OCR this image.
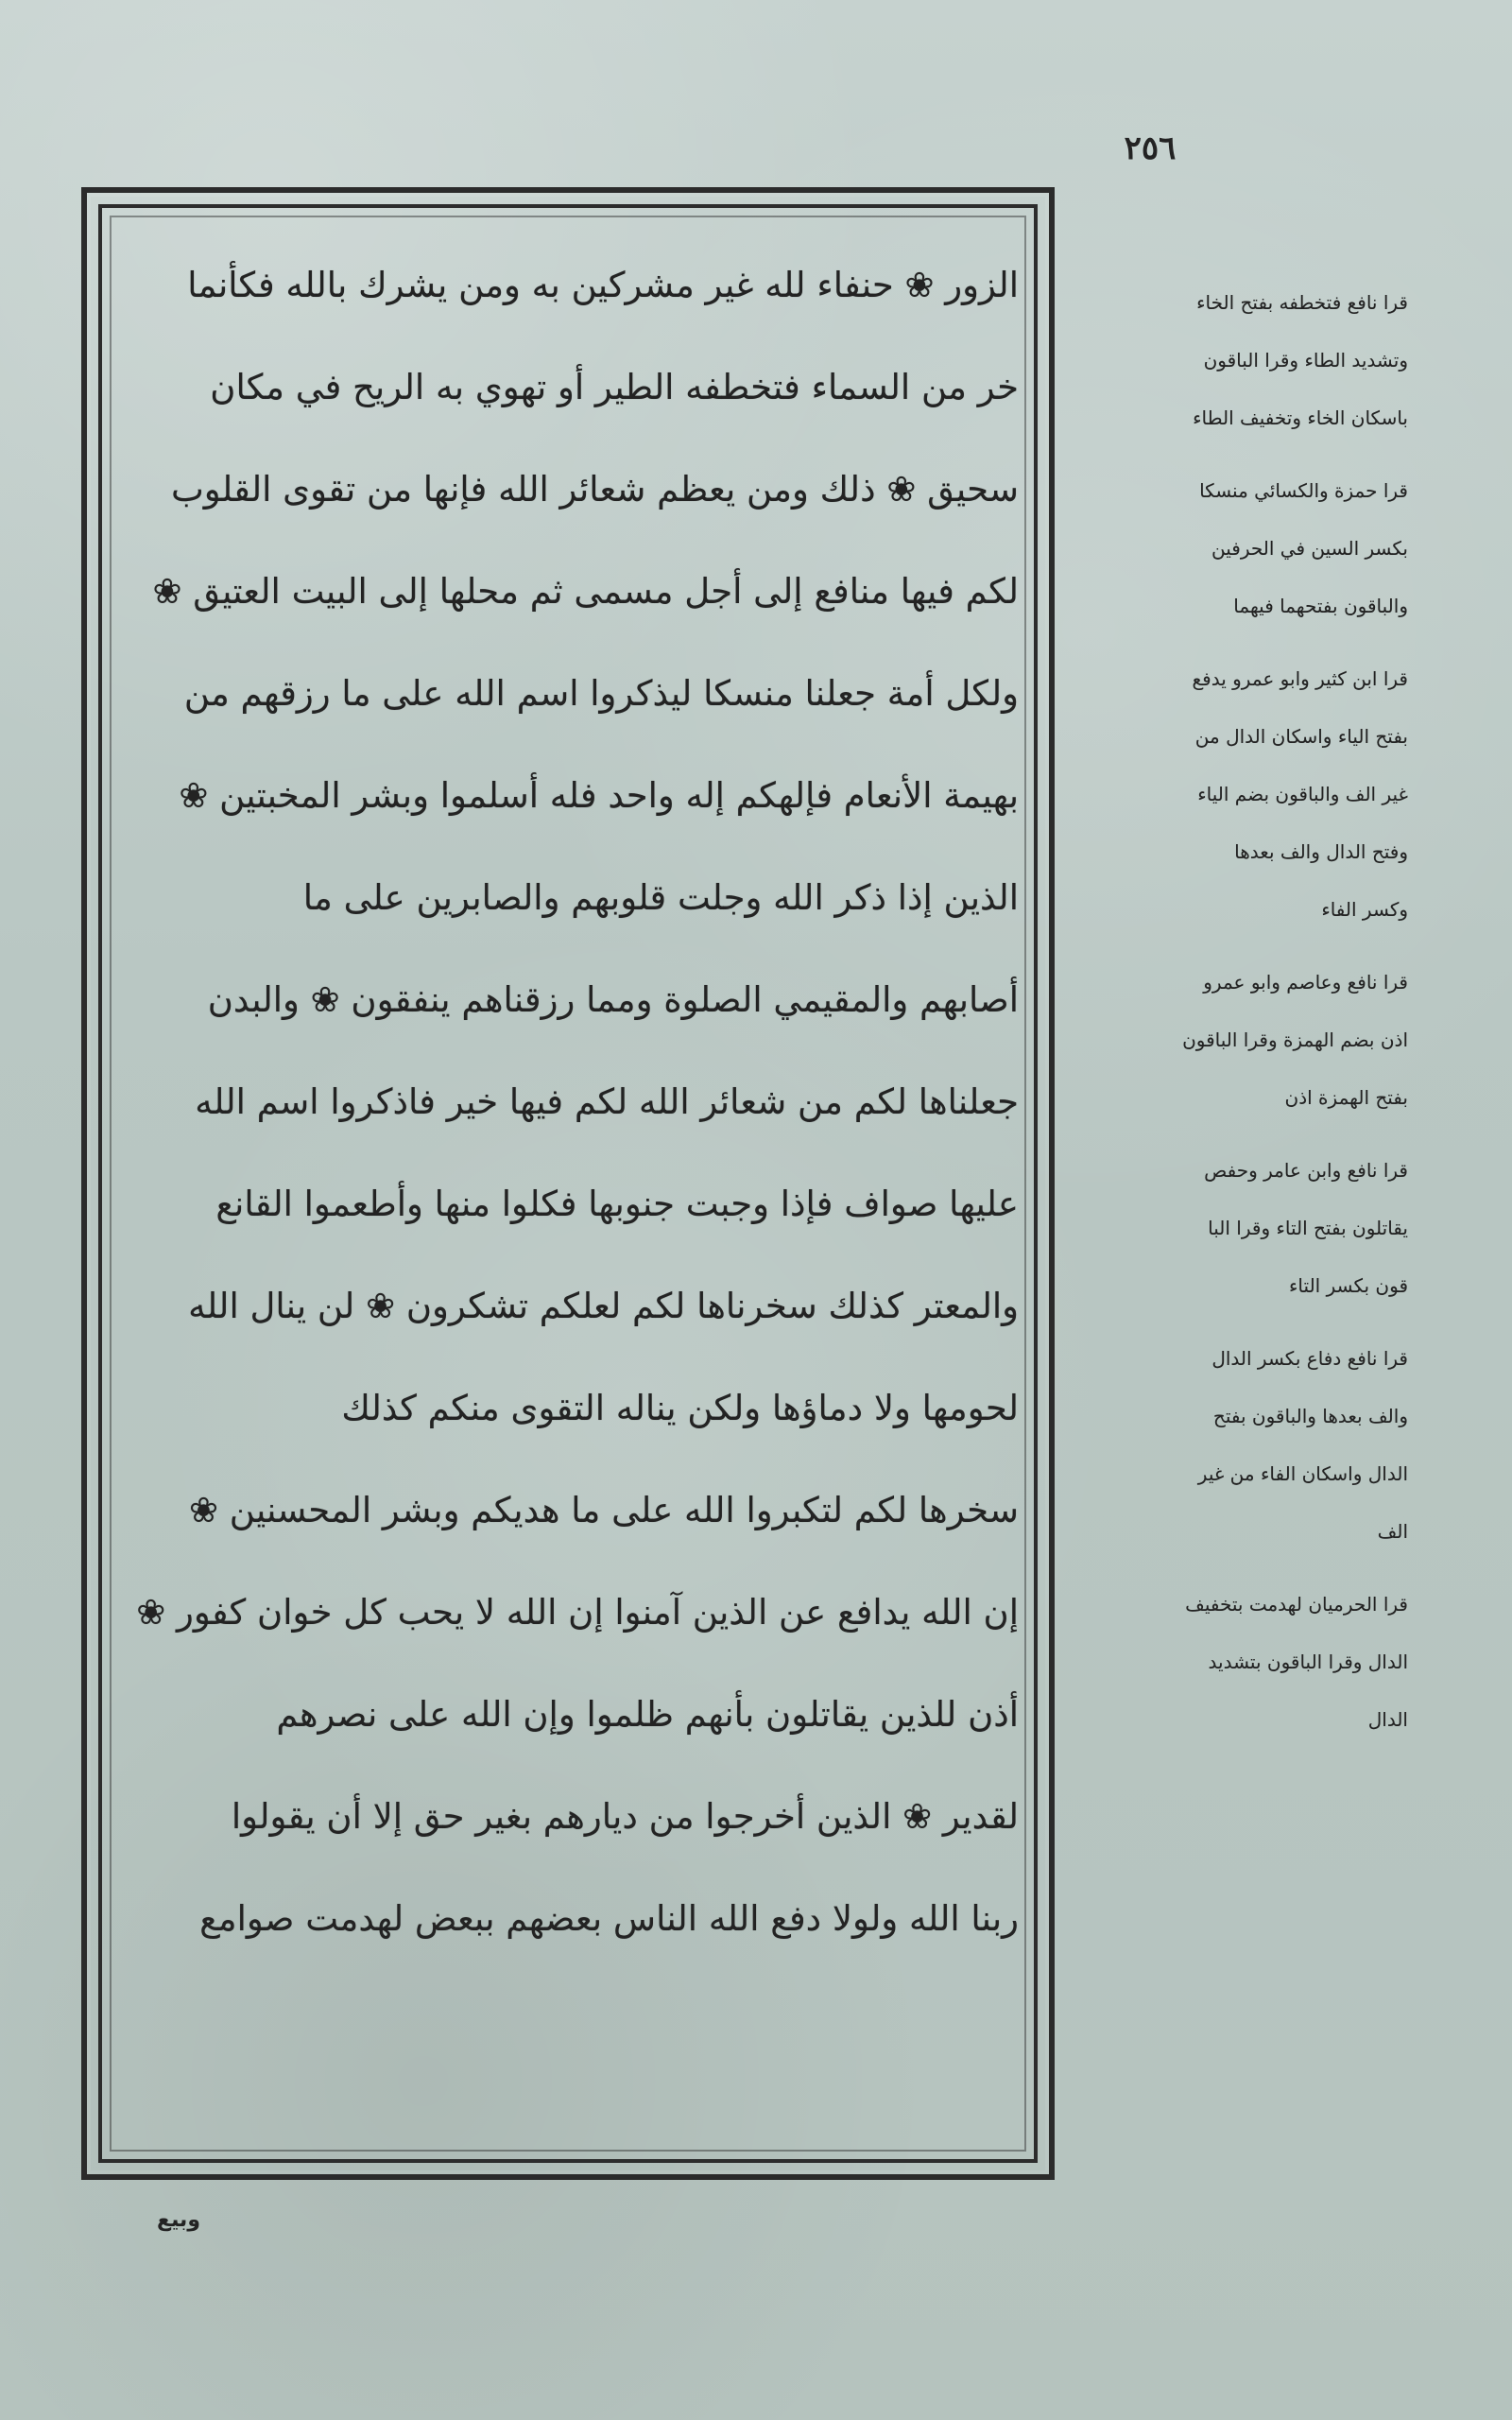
٢٥٦

الزور ❀ حنفاء لله غير مشركين به ومن يشرك بالله فكأنما

خر من السماء فتخطفه الطير أو تهوي به الريح في مكان

سحيق ❀ ذلك ومن يعظم شعائر الله فإنها من تقوى القلوب

لكم فيها منافع إلى أجل مسمى ثم محلها إلى البيت العتيق ❀

ولكل أمة جعلنا منسكا ليذكروا اسم الله على ما رزقهم من

بهيمة الأنعام فإلهكم إله واحد فله أسلموا وبشر المخبتين ❀

الذين إذا ذكر الله وجلت قلوبهم والصابرين على ما

أصابهم والمقيمي الصلوة ومما رزقناهم ينفقون ❀ والبدن

جعلناها لكم من شعائر الله لكم فيها خير فاذكروا اسم الله

عليها صواف فإذا وجبت جنوبها فكلوا منها وأطعموا القانع

والمعتر كذلك سخرناها لكم لعلكم تشكرون ❀ لن ينال الله

لحومها ولا دماؤها ولكن يناله التقوى منكم كذلك

سخرها لكم لتكبروا الله على ما هديكم وبشر المحسنين ❀

إن الله يدافع عن الذين آمنوا إن الله لا يحب كل خوان كفور ❀

أذن للذين يقاتلون بأنهم ظلموا وإن الله على نصرهم

لقدير ❀ الذين أخرجوا من ديارهم بغير حق إلا أن يقولوا

ربنا الله ولولا دفع الله الناس بعضهم ببعض لهدمت صوامع

قرا نافع فتخطفه بفتح الخاء

وتشديد الطاء وقرا الباقون

باسكان الخاء وتخفيف الطاء

قرا حمزة والكسائي منسكا

بكسر السين في الحرفين

والباقون بفتحهما فيهما

قرا ابن كثير وابو عمرو يدفع

بفتح الياء واسكان الدال من

غير الف والباقون بضم الياء

وفتح الدال والف بعدها

وكسر الفاء

قرا نافع وعاصم وابو عمرو

اذن بضم الهمزة وقرا الباقون

بفتح الهمزة اذن

قرا نافع وابن عامر وحفص

يقاتلون بفتح التاء وقرا البا

قون بكسر التاء

قرا نافع دفاع بكسر الدال

والف بعدها والباقون بفتح

الدال واسكان الفاء من غير

الف

قرا الحرميان لهدمت بتخفيف

الدال وقرا الباقون بتشديد

الدال

وبيع
